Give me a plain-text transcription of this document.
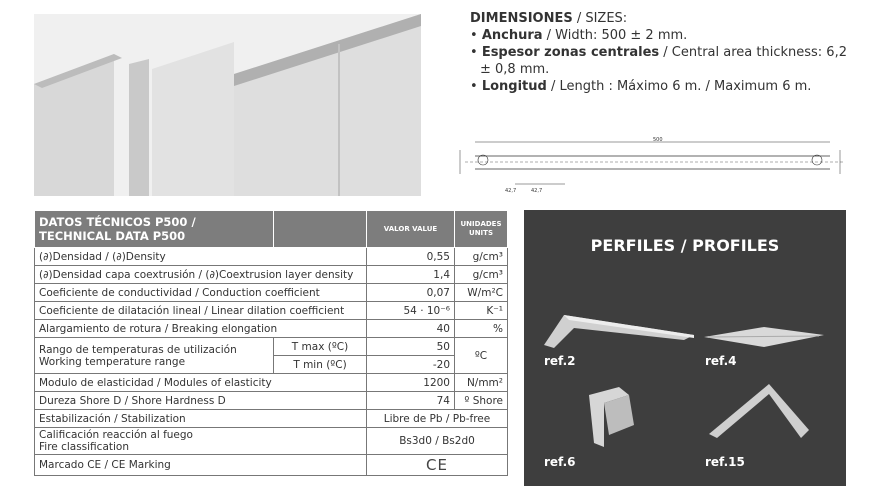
DIMENSIONES / SIZES:
• Anchura / Width: 500 ± 2 mm.
• Espesor zonas centrales / Central area thickness: 6,2 ± 0,8 mm.
• Longitud / Length : Máximo 6 m. / Maximum 6 m.
500
42,7	42,7
DATOS TÉCNICOS P500 / TECHNICAL DATA P500		VALOR VALUE	UNIDADES UNITS
(∂)Densidad / (∂)Density		0,55	g/cm³
(∂)Densidad capa coextrusión / (∂)Coextrusion layer density		1,4	g/cm³
Coeficiente de conductividad / Conduction coefficient		0,07	W/m²C
Coeficiente de dilatación lineal / Linear dilation coefficient		54 · 10⁻⁶	K⁻¹
Alargamiento de rotura / Breaking elongation		40	%

Rango de temperaturas de utilización
Working temperature range	T max (ºC)	50	ºC
	T min (ºC)	-20	
Modulo de elasticidad / Modules of elasticity		1200	N/mm²
Dureza Shore D / Shore Hardness D		74	º Shore
Estabilización / Stabilization		Libre de Pb / Pb-free	

Calificación reacción al fuego
Fire classification		Bs3d0 / Bs2d0	
Marcado CE / CE Marking		CE	
PERFILES / PROFILES
ref.2	ref.4
ref.6	ref.15
